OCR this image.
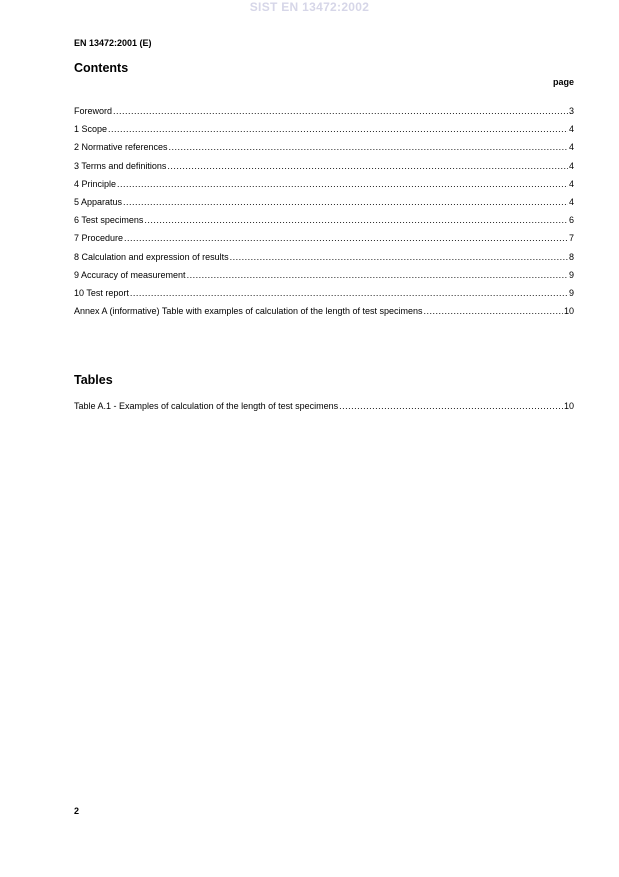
SIST EN 13472:2002
EN 13472:2001 (E)
Contents
page
Foreword .....	3
1 Scope .....	4
2 Normative references .....	4
3 Terms and definitions .....	4
4 Principle .....	4
5 Apparatus .....	4
6 Test specimens .....	6
7 Procedure .....	7
8 Calculation and expression of results .....	8
9 Accuracy of measurement .....	9
10 Test report .....	9
Annex A (informative) Table with examples of calculation of the length of test specimens .....	10
Tables
Table A.1 - Examples of calculation of the length of test specimens .....	10
2
